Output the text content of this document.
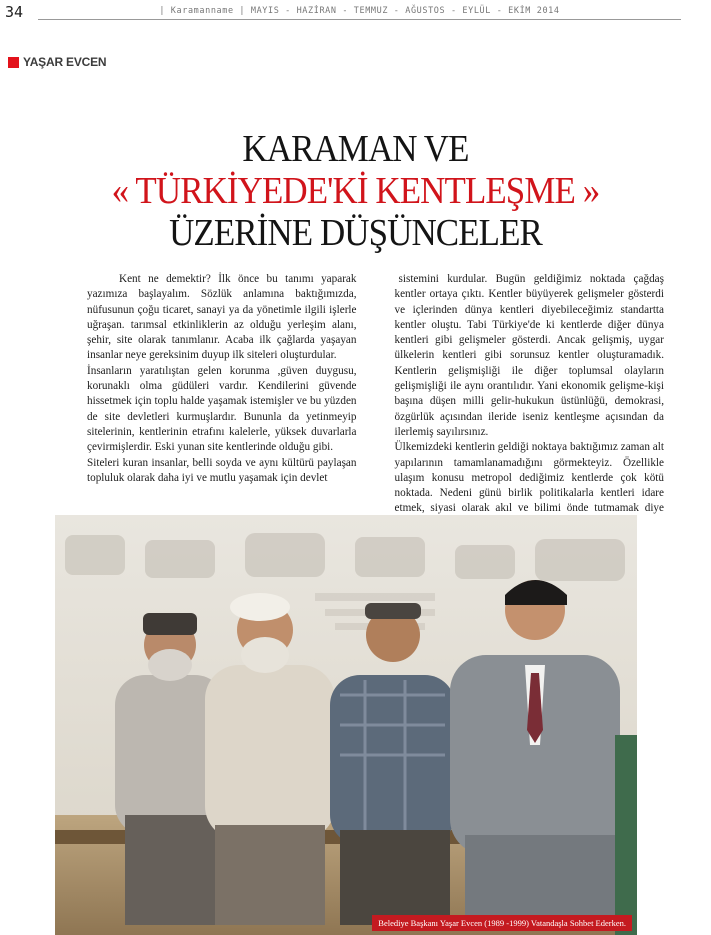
34	| Karamanname | MAYIS - HAZİRAN - TEMMUZ - AĞUSTOS - EYLÜL - EKİM 2014
YAŞAR EVCEN
KARAMAN VE
« TÜRKİYEDE'Kİ KENTLEŞME »
ÜZERİNE DÜŞÜNCELER

Kent ne demektir? İlk önce bu tanımı yaparak yazımıza başlayalım. Sözlük anlamına baktığımızda, nüfusunun çoğu ticaret, sanayi ya da yönetimle ilgili işlerle uğraşan. tarımsal etkinliklerin az olduğu yerleşim alanı, şehir, site olarak tanımlanır. Acaba ilk çağlarda yaşayan insanlar neye gereksinim duyup ilk siteleri oluşturdular.

İnsanların yaratılıştan gelen korunma ,güven duygusu, korunaklı olma güdüleri vardır. Kendilerini güvende hissetmek için toplu halde yaşamak istemişler ve bu yüzden de site devletleri kurmuşlardır. Bununla da yetinmeyip sitelerinin, kentlerinin etrafını kalelerle, yüksek duvarlarla çevirmişlerdir. Eski yunan site kentlerinde olduğu gibi.

Siteleri kuran insanlar, belli soyda ve aynı kültürü paylaşan topluluk olarak daha iyi ve mutlu yaşamak için devlet

sistemini kurdular. Bugün geldiğimiz noktada çağdaş kentler ortaya çıktı. Kentler büyüyerek gelişmeler gösterdi ve içlerinden dünya kentleri diyebileceğimiz standartta kentler oluştu. Tabi Türkiye'de ki kentlerde diğer dünya kentleri gibi gelişmeler gösterdi. Ancak gelişmiş, uygar ülkelerin kentleri gibi sorunsuz kentler oluşturamadık. Kentlerin gelişmişliği ile diğer toplumsal olayların gelişmişliği ile aynı orantılıdır. Yani ekonomik gelişme-kişi başına düşen milli gelir-hukukun üstünlüğü, demokrasi, özgürlük açısından ileride iseniz kentleşme açısından da ilerlemiş sayılırsınız.

Ülkemizdeki kentlerin geldiği noktaya baktığımız zaman alt yapılarının tamamlanamadığını görmekteyiz. Özellikle ulaşım konusu metropol dediğimiz kentlerde çok kötü noktada. Nedeni günü birlik politikalarla kentleri idare etmek, siyasi olarak akıl ve bilimi önde tutmamak diye

Belediye Başkanı Yaşar Evcen (1989 -1999) Vatandaşla Sohbet Ederken.
